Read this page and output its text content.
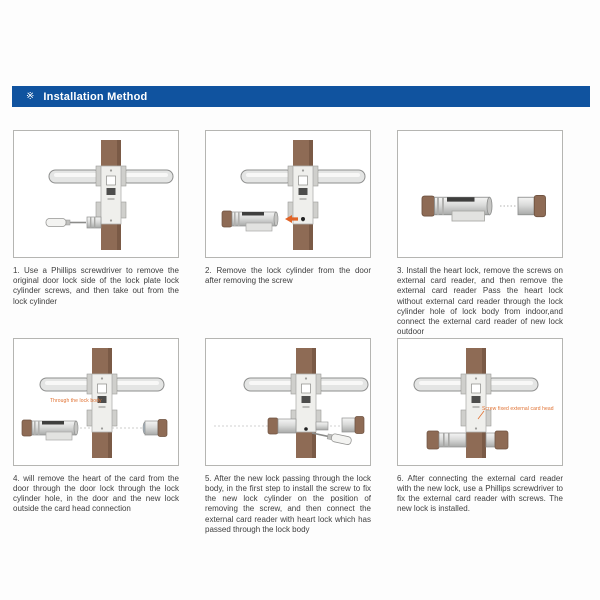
※ Installation Method
1. Use a Phillips screwdriver to remove the original door lock side of the lock plate lock cylinder screws, and then take out from the lock cylinder
2. Remove the lock cylinder from the door after removing the screw
3. Install the heart lock, remove the screws on external card reader, and then remove the external card reader Pass the heart lock without external card reader through the lock cylinder hole of lock body from indoor,and connect the external card reader of new lock outdoor
Through the lock body
4. will remove the heart of the card from the door through the door lock through the lock cylinder hole, in the door and the new lock outside the card head connection
5. After the new lock passing through the lock body, in the first step to install the screw to fix the new lock cylinder on the position of removing the screw, and then connect the external card reader with heart lock which has passed through the lock body
Screw fixed external card head
6. After connecting the external card reader with the new lock, use a Phillips screwdriver to fix the external card reader with screws. The new lock is installed.
